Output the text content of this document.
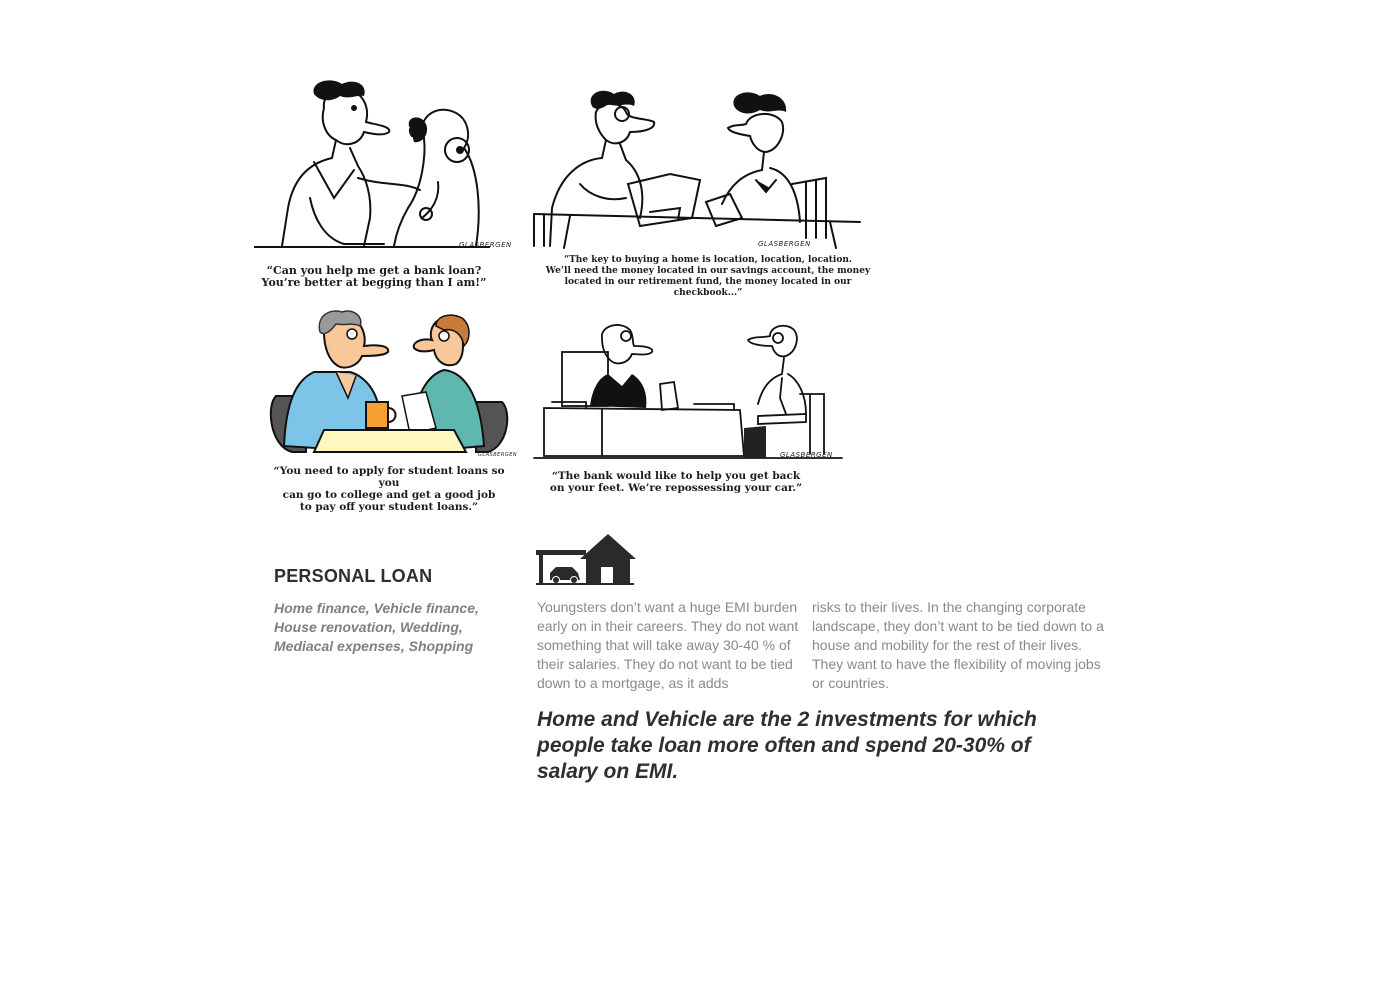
GLASBERGEN
“Can you help me get a bank loan?
You’re better at begging than I am!”
GLASBERGEN
“The key to buying a home is location, location, location.
We’ll need the money located in our savings account, the money
located in our retirement fund, the money located in our checkbook...”
GLASBERGEN
“You need to apply for student loans so you
can go to college and get a good job
to pay off your student loans.”
GLASBERGEN
“The bank would like to help you get back
on your feet. We’re repossessing your car.”
PERSONAL LOAN
Home finance, Vehicle finance,
House renovation, Wedding,
Mediacal expenses, Shopping
Youngsters don’t want a huge EMI burden early on in their careers. They do not want something that will take away 30-40 % of their salaries. They do not want to be tied down to a mortgage, as it adds
risks to their lives. In the changing corporate landscape, they don’t want to be tied down to a house and mobility for the rest of their lives. They want to have the flexibility of moving jobs or countries.
Home and Vehicle are the 2 investments for which people take loan more often and spend 20-30% of salary on EMI.
